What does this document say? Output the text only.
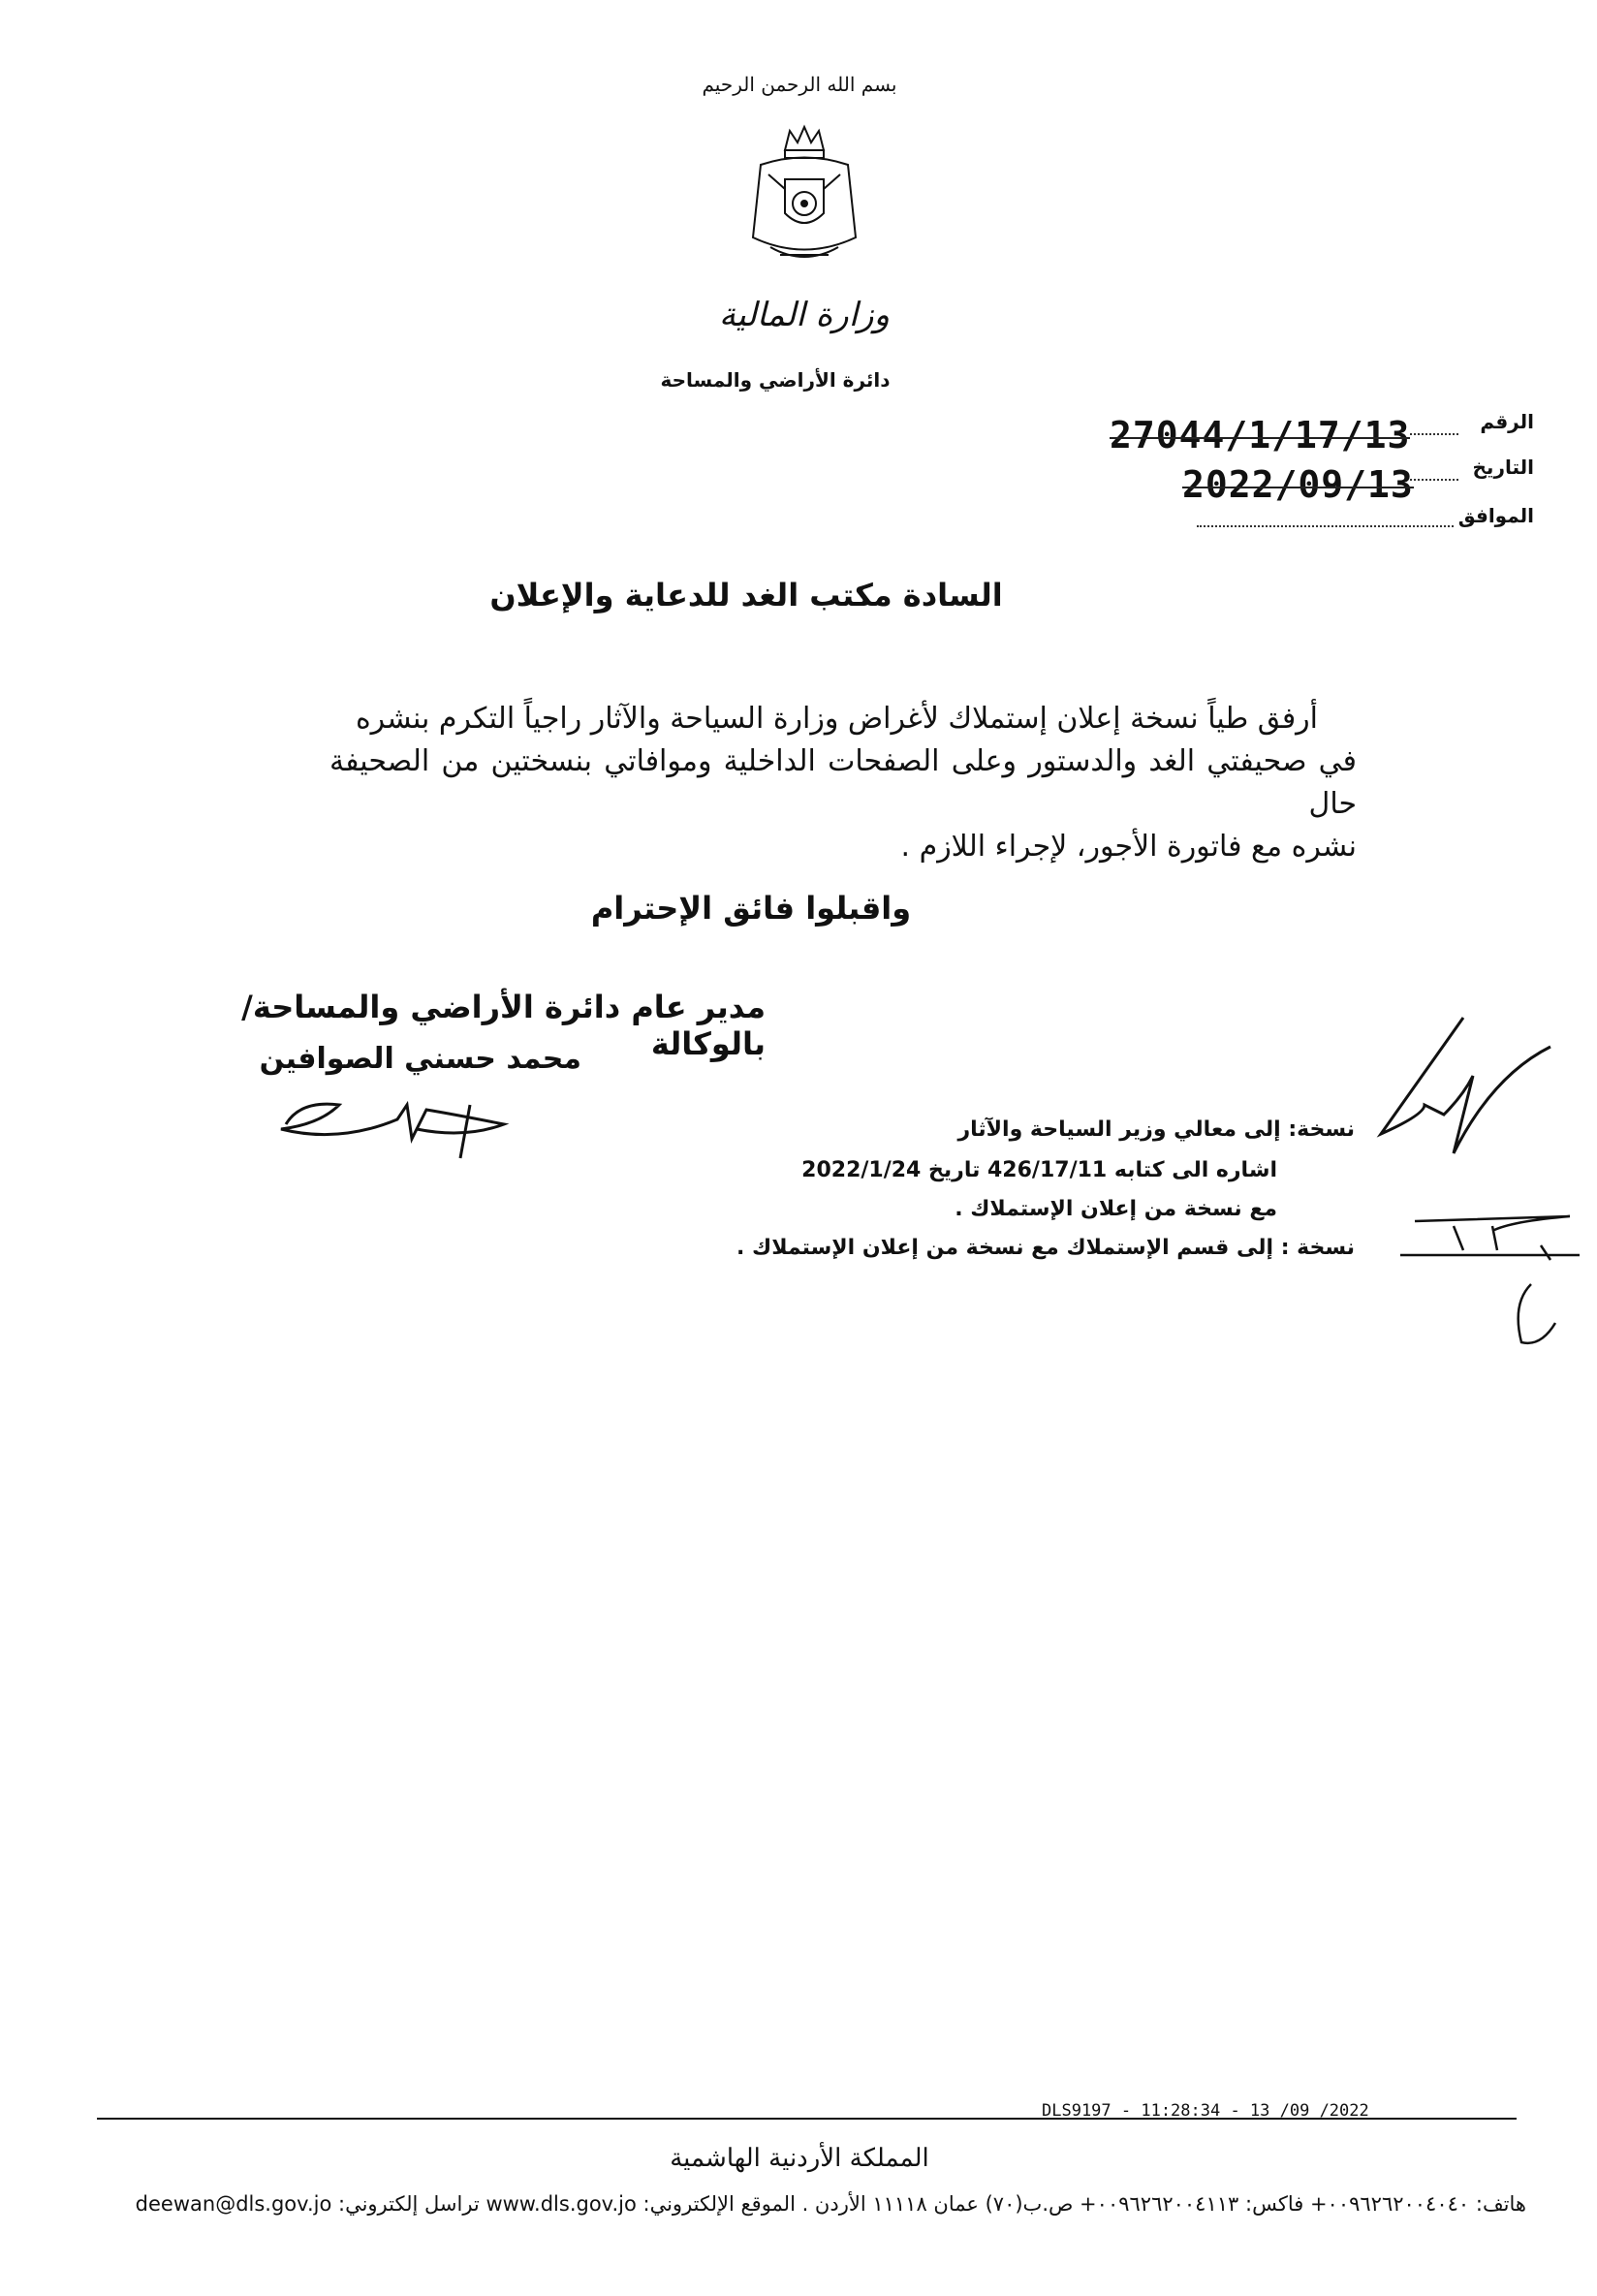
بسم الله الرحمن الرحيم
وزارة المالية
دائرة الأراضي والمساحة
الرقم
27044/1/17/13
التاريخ
2022/09/13
الموافق
السادة مكتب الغد للدعاية والإعلان
أرفق طياً نسخة إعلان إستملاك لأغراض وزارة السياحة والآثار راجياً التكرم بنشره
في صحيفتي الغد والدستور وعلى الصفحات الداخلية وموافاتي بنسختين من الصحيفة حال
نشره مع فاتورة الأجور، لإجراء اللازم .
واقبلوا فائق الإحترام
مدير عام دائرة الأراضي والمساحة/بالوكالة
محمد حسني الصوافين
نسخة: إلى معالي وزير السياحة والآثار
اشاره الى كتابه 426/17/11 تاريخ 2022/1/24
مع نسخة من إعلان الإستملاك .
نسخة : إلى قسم الإستملاك مع نسخة من إعلان الإستملاك .
DLS9197 - 11:28:34 - 13 /09 /2022
المملكة الأردنية الهاشمية
هاتف: ٠٠٩٦٢٦٢٠٠٤٠٤٠+ فاكس: ٠٠٩٦٢٦٢٠٠٤١١٣+ ص.ب(٧٠) عمان ١١١١٨ الأردن . الموقع الإلكتروني: www.dls.gov.jo تراسل إلكتروني: deewan@dls.gov.jo
